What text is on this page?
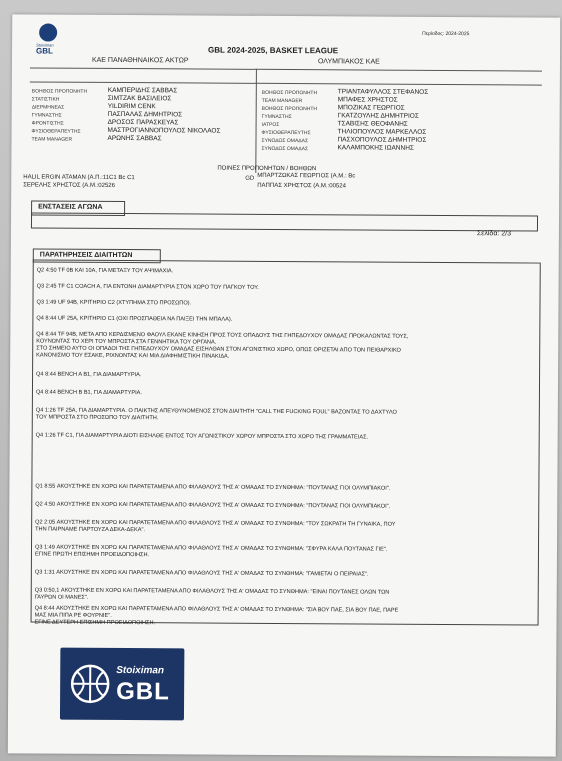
Περίοδος: 2024-2025
Stoiximan
GBL	GBL 2024-2025, BASKET LEAGUE
ΚΑΕ ΠΑΝΑΘΗΝΑΙΚΟΣ ΑΚΤΩΡ	ΟΛΥΜΠΙΑΚΟΣ ΚΑΕ
ΒΟΗΘΟΣ ΠΡΟΠΟΝΗΤΗ	ΚΑΜΠΕΡΙΔΗΣ ΣΑΒΒΑΣ
ΣΤΑΤΙΣΤΙΚΗ	ΣΙΜΤΖΑΚ ΒΑΣΙΛΕΙΟΣ
ΔΙΕΡΜΗΝΕΑΣ	YILDIRIM CENK
ΓΥΜΝΑΣΤΗΣ	ΠΑΣΠΑΛΑΣ ΔΗΜΗΤΡΙΟΣ
ΦΡΟΝΤΙΣΤΗΣ	ΔΡΟΣΟΣ ΠΑΡΑΣΚΕΥΑΣ
ΦΥΣΙΟΘΕΡΑΠΕΥΤΗΣ	ΜΑΣΤΡΟΓΙΑΝΝΟΠΟΥΛΟΣ ΝΙΚΟΛΑΟΣ
TEAM MANAGER	ΑΡΩΝΗΣ ΣΑΒΒΑΣ
ΒΟΗΘΟΣ ΠΡΟΠΟΝΗΤΗ	ΤΡΙΑΝΤΑΦΥΛΛΟΣ ΣΤΕΦΑΝΟΣ
TEAM MANAGER	ΜΠΑΦΕΣ ΧΡΗΣΤΟΣ
ΒΟΗΘΟΣ ΠΡΟΠΟΝΗΤΗ	ΜΠΟΖΙΚΑΣ ΓΕΩΡΓΙΟΣ
ΓΥΜΝΑΣΤΗΣ	ΓΚΑΤΖΟΥΛΗΣ ΔΗΜΗΤΡΙΟΣ
ΙΑΤΡΟΣ	ΤΣΑΒΙΣΗΣ ΘΕΟΦΑΝΗΣ
ΦΥΣΙΟΘΕΡΑΠΕΥΤΗΣ	ΤΗΛΙΟΠΟΥΛΟΣ ΜΑΡΚΕΛΛΟΣ
ΣΥΝΟΔΟΣ ΟΜΑΔΑΣ	ΠΑΣΧΟΠΟΥΛΟΣ ΔΗΜΗΤΡΙΟΣ
ΣΥΝΟΔΟΣ ΟΜΑΔΑΣ	ΚΑΛΑΜΠΟΚΗΣ ΙΩΑΝΝΗΣ
ΠΟΙΝΕΣ ΠΡΟΠΟΝΗΤΩΝ / ΒΟΗΘΩΝ
HALIL ERGIN ATAMAN (Α.Π.:11C1 Bc C1
ΣΕΡΕΛΗΣ ΧΡΗΣΤΟΣ (Α.Μ.:02526
GD ΜΠΑΡΤΖΩΚΑΣ ΓΕΩΡΓΙΟΣ (Α.Μ.: Bc
ΠΑΠΠΑΣ ΧΡΗΣΤΟΣ (Α.Μ.:00524
ΕΝΣΤΑΣΕΙΣ ΑΓΩΝΑ
Σελίδα: 2/3
ΠΑΡΑΤΗΡΗΣΕΙΣ ΔΙΑΙΤΗΤΩΝ
Q2 4:50 TF 0Β ΚΑΙ 10Α, ΓΙΑ ΜΕΤΑΞΥ ΤΟΥ ΑΨΙΜΑΧΙΑ.
Q3 2:45 TF C1 COACH A, ΓΙΑ ΕΝΤΟΝΗ ΔΙΑΜΑΡΤΥΡΙΑ ΣΤΟΝ ΧΩΡΟ ΤΟΥ ΠΑΓΚΟΥ ΤΟΥ.
Q3 1:49 UF 94B, ΚΡΙΤΗΡΙΟ C2 (ΧΤΥΠΗΜΑ ΣΤΟ ΠΡΟΣΩΠΟ).
Q4 8:44 UF 25A, ΚΡΙΤΗΡΙΟ C1 (ΟΧΙ ΠΡΟΣΠΑΘΕΙΑ ΝΑ ΠΑΙΞΕΙ ΤΗΝ ΜΠΑΛΑ).
Q4 8:44 TF 94B, ΜΕΤΑ ΑΠΟ ΚΕΡΔΙΣΜΕΝΟ ΦΑΟΥΛ ΕΚΑΝΕ ΚΙΝΗΣΗ ΠΡΟΣ ΤΟΥΣ ΟΠΑΔΟΥΣ ΤΗΣ ΓΗΠΕΔΟΥΧΟΥ ΟΜΑΔΑΣ ΠΡΟΚΑΛΩΝΤΑΣ ΤΟΥΣ,
ΚΟΥΝΩΝΤΑΣ ΤΟ ΧΕΡΙ ΤΟΥ ΜΠΡΟΣΤΑ ΣΤΑ ΓΕΝΝΗΤΙΚΑ ΤΟΥ ΟΡΓΑΝΑ.
ΣΤΟ ΣΗΜΕΙΟ ΑΥΤΟ ΟΙ ΟΠΑΔΟΙ ΤΗΣ ΓΗΠΕΔΟΥΧΟΥ ΟΜΑΔΑΣ ΕΙΣΗΛΘΑΝ ΣΤΟΝ ΑΓΩΝΙΣΤΙΚΟ ΧΩΡΟ, ΟΠΩΣ ΟΡΙΖΕΤΑΙ ΑΠΟ ΤΟΝ ΠΕΙΘΑΡΧΙΚΟ
ΚΑΝΟΝΙΣΜΟ ΤΟΥ ΕΣΑΚΕ, ΡΙΧΝΟΝΤΑΣ ΚΑΙ ΜΙΑ ΔΙΑΦΗΜΙΣΤΙΚΗ ΠΙΝΑΚΙΔΑ.
Q4 8:44 BENCH A B1, ΓΙΑ ΔΙΑΜΑΡΤΥΡΙΑ.
Q4 8:44 BENCH B B1, ΓΙΑ ΔΙΑΜΑΡΤΥΡΙΑ.
Q4 1:26 TF 25A, ΓΙΑ ΔΙΑΜΑΡΤΥΡΙΑ. Ο ΠΑΙΚΤΗΣ ΑΠΕΥΘΥΝΟΜΕΝΟΣ ΣΤΟΝ ΔΙΑΙΤΗΤΗ "CALL THE FUCKING FOUL" ΒΑΖΟΝΤΑΣ ΤΟ ΔΑΧΤΥΛΟ
ΤΟΥ ΜΠΡΟΣΤΑ ΣΤΟ ΠΡΟΣΩΠΟ ΤΟΥ ΔΙΑΙΤΗΤΗ.
Q4 1:26 TF C1, ΓΙΑ ΔΙΑΜΑΡΤΥΡΙΑ ΔΙΟΤΙ ΕΙΣΗΛΘΕ ΕΝΤΟΣ ΤΟΥ ΑΓΩΝΙΣΤΙΚΟΥ ΧΩΡΟΥ ΜΠΡΟΣΤΑ ΣΤΟ ΧΩΡΟ ΤΗΣ ΓΡΑΜΜΑΤΕΙΑΣ.
Q1 8:55 ΑΚΟΥΣΤΗΚΕ ΕΝ ΧΟΡΩ ΚΑΙ ΠΑΡΑΤΕΤΑΜΕΝΑ ΑΠΟ ΦΙΛΑΘΛΟΥΣ ΤΗΣ Α' ΟΜΑΔΑΣ ΤΟ ΣΥΝΘΗΜΑ: "ΠΟΥΤΑΝΑΣ ΓΙΟΙ ΟΛΥΜΠΙΑΚΟΙ".
Q2 4:50 ΑΚΟΥΣΤΗΚΕ ΕΝ ΧΟΡΩ ΚΑΙ ΠΑΡΑΤΕΤΑΜΕΝΑ ΑΠΟ ΦΙΛΑΘΛΟΥΣ ΤΗΣ Α' ΟΜΑΔΑΣ ΤΟ ΣΥΝΘΗΜΑ: "ΠΟΥΤΑΝΑΣ ΓΙΟΙ ΟΛΥΜΠΙΑΚΟΙ".
Q2 2:05 ΑΚΟΥΣΤΗΚΕ ΕΝ ΧΟΡΩ ΚΑΙ ΠΑΡΑΤΕΤΑΜΕΝΑ ΑΠΟ ΦΙΛΑΘΛΟΥΣ ΤΗΣ Α' ΟΜΑΔΑΣ ΤΟ ΣΥΝΘΗΜΑ: "ΤΟΥ ΣΩΚΡΑΤΗ ΤΗ ΓΥΝΑΙΚΑ, ΠΟΥ
ΤΗΝ ΠΑΙΡΝΑΜΕ ΠΑΡΤΟΥΖΑ ΔΕΚΑ-ΔΕΚΑ".
Q3 1:49 ΑΚΟΥΣΤΗΚΕ ΕΝ ΧΟΡΩ ΚΑΙ ΠΑΡΑΤΕΤΑΜΕΝΑ ΑΠΟ ΦΙΛΑΘΛΟΥΣ ΤΗΣ Α' ΟΜΑΔΑΣ ΤΟ ΣΥΝΘΗΜΑ: "ΣΦΥΡΑ ΚΑΛΑ ΠΟΥΤΑΝΑΣ ΓΙΕ".
ΕΓΙΝΕ ΠΡΩΤΗ ΕΠΙΣΗΜΗ ΠΡΟΕΙΔΟΠΟΙΗΣΗ.
Q3 1:31 ΑΚΟΥΣΤΗΚΕ ΕΝ ΧΟΡΩ ΚΑΙ ΠΑΡΑΤΕΤΑΜΕΝΑ ΑΠΟ ΦΙΛΑΘΛΟΥΣ ΤΗΣ Α' ΟΜΑΔΑΣ ΤΟ ΣΥΝΘΗΜΑ: "ΓΑΜΙΕΤΑΙ Ο ΠΕΙΡΑΙΑΣ".
Q3 0:50,1 ΑΚΟΥΣΤΗΚΕ ΕΝ ΧΟΡΩ ΚΑΙ ΠΑΡΑΤΕΤΑΜΕΝΑ ΑΠΟ ΦΙΛΑΘΛΟΥΣ ΤΗΣ Α' ΟΜΑΔΑΣ ΤΟ ΣΥΝΘΗΜΑ: "ΕΙΝΑΙ ΠΟΥΤΑΝΕΣ ΟΛΩΝ ΤΩΝ
ΓΑΥΡΩΝ ΟΙ ΜΑΝΕΣ".
Q4 8:44 ΑΚΟΥΣΤΗΚΕ ΕΝ ΧΟΡΩ ΚΑΙ ΠΑΡΑΤΕΤΑΜΕΝΑ ΑΠΟ ΦΙΛΑΘΛΟΥΣ ΤΗΣ Α' ΟΜΑΔΑΣ ΤΟ ΣΥΝΘΗΜΑ: "ΣΙΑ ΒΟΥ ΠΑΕ, ΣΙΑ ΒΟΥ ΠΑΕ, ΠΑΡΕ
ΜΑΣ ΜΙΑ ΠΙΠΑ ΡΕ ΦΟΥΡΝΙΕ".
ΕΓΙΝΕ ΔΕΥΤΕΡΗ ΕΠΙΣΗΜΗ ΠΡΟΕΙΔΟΠΟΙΗΣΗ.
Stoiximan
GBL
